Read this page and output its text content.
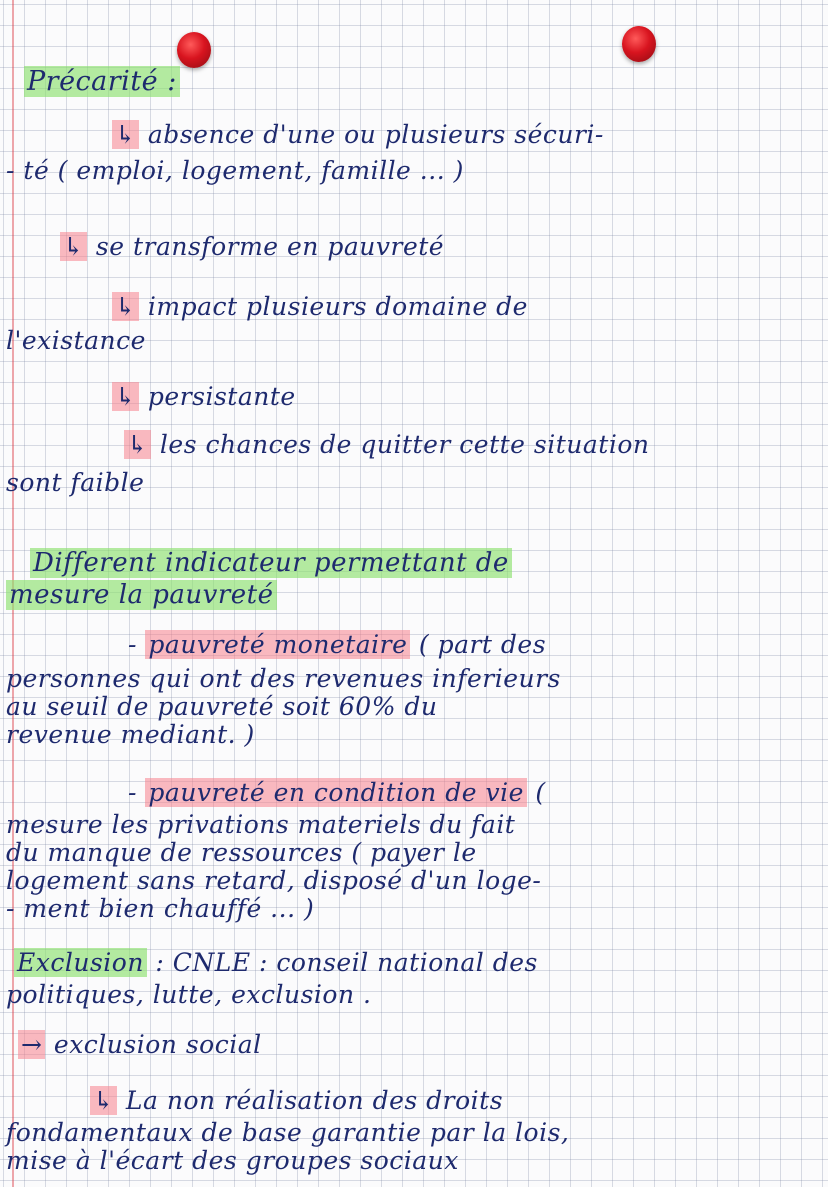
Précarité :
↳ absence d'une ou plusieurs sécuri-
- té ( emploi, logement, famille ... )
↳ se transforme en pauvreté
↳ impact plusieurs domaine de
l'existance
↳ persistante
↳ les chances de quitter cette situation
sont faible
Different indicateur permettant de
mesure la pauvreté
- pauvreté monetaire ( part des
personnes qui ont des revenues inferieurs
au seuil de pauvreté soit 60% du
revenue mediant. )
- pauvreté en condition de vie (
mesure les privations materiels du fait
du manque de ressources ( payer le
logement sans retard, disposé d'un loge-
- ment bien chauffé ... )
Exclusion : CNLE : conseil national des
politiques, lutte, exclusion .
→ exclusion social
↳ La non réalisation des droits
fondamentaux de base garantie par la lois,
mise à l'écart des groupes sociaux
